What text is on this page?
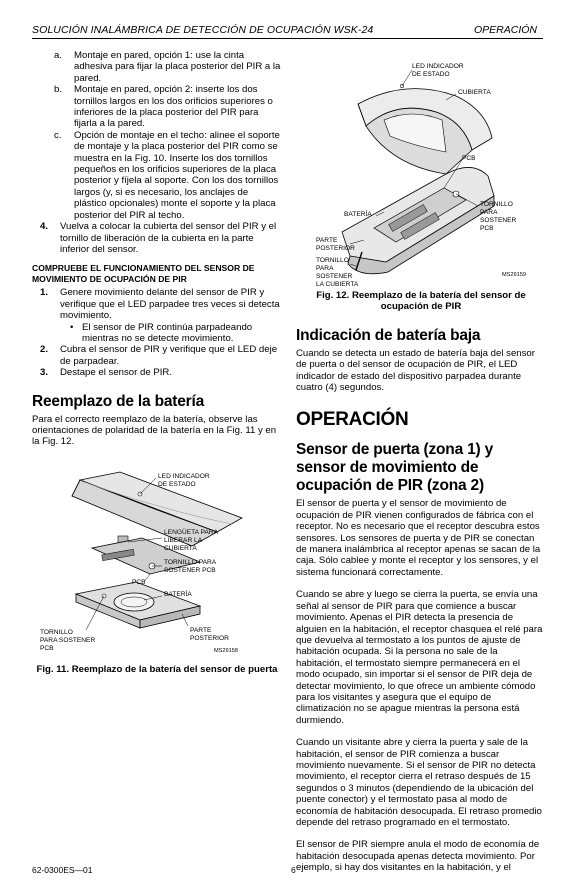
SOLUCIÓN INALÁMBRICA DE DETECCIÓN DE OCUPACIÓN WSK-24	OPERACIÓN
a.	Montaje en pared, opción 1: use la cinta adhesiva para fijar la placa posterior del PIR a la pared.
b.	Montaje en pared, opción 2: inserte los dos tornillos largos en los dos orificios superiores o inferiores de la placa posterior del PIR para fijarla a la pared.
c.	Opción de montaje en el techo: alinee el soporte de montaje y la placa posterior del PIR como se muestra en la Fig. 10. Inserte los dos tornillos pequeños en los orificios superiores de la placa posterior y fíjela al soporte. Con los dos tornillos largos (y, si es necesario, los anclajes de plástico opcionales) monte el soporte y la placa posterior del PIR al techo.
4.	Vuelva a colocar la cubierta del sensor del PIR y el tornillo de liberación de la cubierta en la parte inferior del sensor.
COMPRUEBE EL FUNCIONAMIENTO DEL SENSOR DE MOVIMIENTO DE OCUPACIÓN DE PIR
1.	Genere movimiento delante del sensor de PIR y verifique que el LED parpadee tres veces si detecta movimiento.
• El sensor de PIR continúa parpadeando mientras no se detecte movimiento.
2.	Cubra el sensor de PIR y verifique que el LED deje de parpadear.
3.	Destape el sensor de PIR.
Reemplazo de la batería

Para el correcto reemplazo de la batería, observe las orientaciones de polaridad de la batería en la Fig. 11 y en la Fig. 12.

LED INDICADOR DE ESTADO
LENGÜETA PARA LIBERAR LA CUBIERTA
TORNILLO PARA SOSTENER PCB
PCB
BATERÍA
TORNILLO PARA SOSTENER PCB
PARTE POSTERIOR
MS29158
Fig. 11. Reemplazo de la batería del sensor de puerta
LED INDICADOR DE ESTADO
CUBIERTA
PCB
BATERÍA
TORNILLO PARA SOSTENER PCB
PARTE POSTERIOR
TORNILLO PARA SOSTENER LA CUBIERTA
MS29159
Fig. 12. Reemplazo de la batería del sensor de ocupación de PIR
Indicación de batería baja

Cuando se detecta un estado de batería baja del sensor de puerta o del sensor de ocupación de PIR, el LED indicador de estado del dispositivo parpadea durante cuatro (4) segundos.

OPERACIÓN
Sensor de puerta (zona 1) y sensor de movimiento de ocupación de PIR (zona 2)

El sensor de puerta y el sensor de movimiento de ocupación de PIR vienen configurados de fábrica con el receptor. No es necesario que el receptor descubra estos sensores. Los sensores de puerta y de PIR se conectan de manera inalámbrica al receptor apenas se sacan de la caja. Sólo cablee y monte el receptor y los sensores, y el sistema funcionará correctamente.

Cuando se abre y luego se cierra la puerta, se envía una señal al sensor de PIR para que comience a buscar movimiento. Apenas el PIR detecta la presencia de alguien en la habitación, el receptor chasquea el relé para que devuelva al termostato a los puntos de ajuste de habitación ocupada. Si la persona no sale de la habitación, el termostato siempre permanecerá en el modo ocupado, sin importar si el sensor de PIR deja de detectar movimiento, lo que ofrece un ambiente cómodo para los visitantes y asegura que el equipo de climatización no se apague mientras la persona está durmiendo.

Cuando un visitante abre y cierra la puerta y sale de la habitación, el sensor de PIR comienza a buscar movimiento nuevamente. Si el sensor de PIR no detecta movimiento, el receptor cierra el retraso después de 15 segundos o 3 minutos (dependiendo de la ubicación del puente conector) y el termostato pasa al modo de economía de habitación desocupada. El retraso promedio depende del retraso programado en el termostato.

El sensor de PIR siempre anula el modo de economía de habitación desocupada apenas detecta movimiento. Por ejemplo, si hay dos visitantes en la habitación, y el

62-0300ES—01	6
